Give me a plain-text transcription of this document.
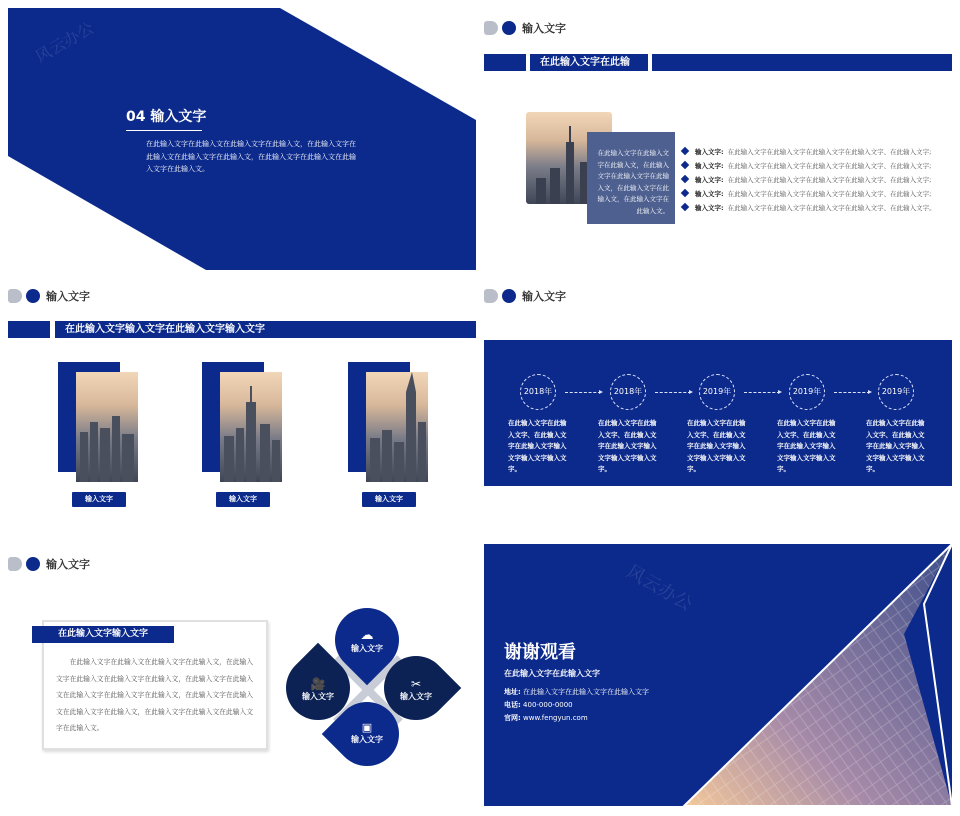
风云办公
04 输入文字
在此输入文字在此输入文在此输入文字在此输入文，在此输入文字在此输入文在此输入文字在此输入文，在此输入文字在此输入文在此输入文字在此输入文。
输入文字
在此输入文字在此输入文字输入文字
在此输入文字在此输入文字在此输入文，在此输入文字在此输入文字在此输入文，在此输入文字在此输入文，在此输入文字在此输入文。
输入文字: 在此输入文字在此输入文字在此输入文字在此输入文字、在此输入文字;
输入文字: 在此输入文字在此输入文字在此输入文字在此输入文字、在此输入文字;
输入文字: 在此输入文字在此输入文字在此输入文字在此输入文字、在此输入文字;
输入文字: 在此输入文字在此输入文字在此输入文字在此输入文字、在此输入文字;
输入文字: 在此输入文字在此输入文字在此输入文字在此输入文字、在此输入文字。
输入文字
在此输入文字输入文字在此输入文字输入文字
输入文字	输入文字	输入文字
输入文字
2018年	2018年	2019年	2019年	2019年
在此输入文字在此输入文字、在此输入文字在此输入文字输入文字输入文字输入文字。
在此输入文字在此输入文字、在此输入文字在此输入文字输入文字输入文字输入文字。
在此输入文字在此输入文字、在此输入文字在此输入文字输入文字输入文字输入文字。
在此输入文字在此输入文字、在此输入文字在此输入文字输入文字输入文字输入文字。
在此输入文字在此输入文字、在此输入文字在此输入文字输入文字输入文字输入文字。
输入文字
在此输入文字输入文字
在此输入文字在此输入文在此输入文字在此输入文，在此输入文字在此输入文在此输入文字在此输入文，在此输入文字在此输入文在此输入文字在此输入文字在此输入文，在此输入文字在此输入文在此输入文字在此输入文，在此输入文字在此输入文在此输入文字在此输入文。
☁
输入文字
🎥
输入文字
✂
输入文字
▣
输入文字
风云办公
谢谢观看
在此输入文字在此输入文字
地址: 在此输入文字在此输入文字在此输入文字
电话: 400-000-0000
官网: www.fengyun.com
